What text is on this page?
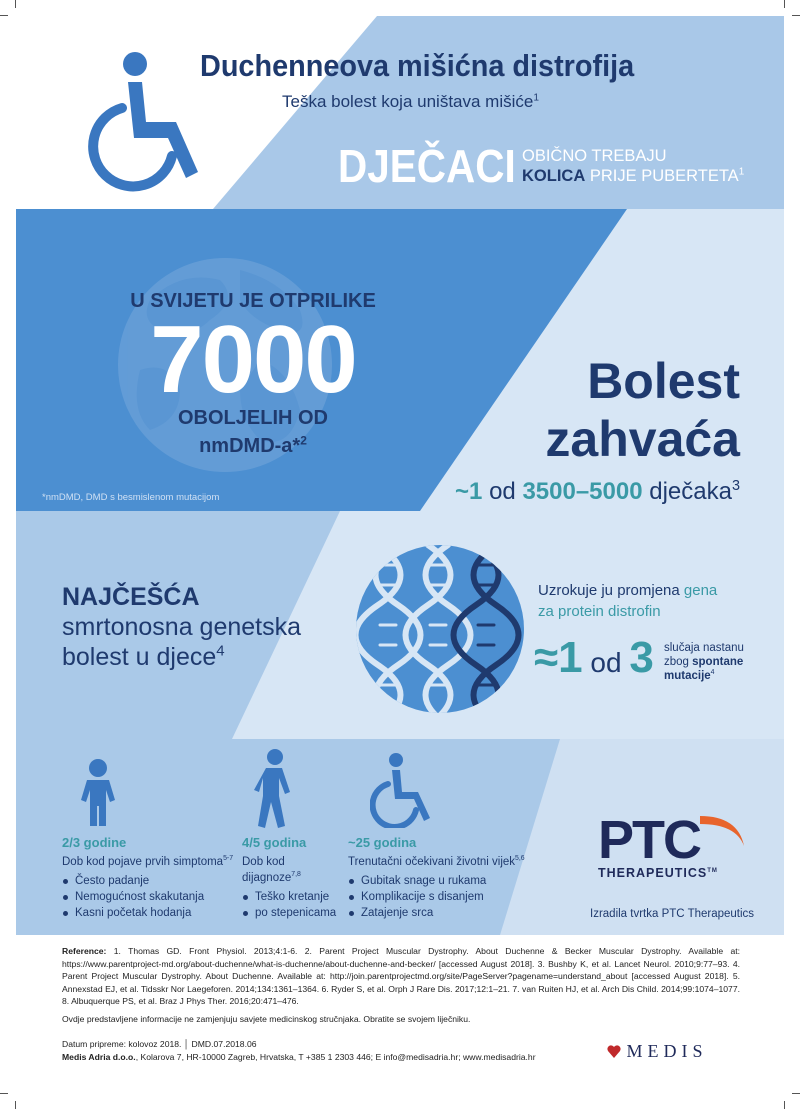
Duchenneova mišićna distrofija
Teška bolest koja uništava mišiće$^1$
DJEČACI OBIČNO TREBAJU
KOLICA PRIJE PUBERTETA$^1$
U SVIJETU JE OTPRILIKE
7000
OBOLJELIH OD
nmDMD-a*$^2$
*nmDMD, DMD s besmislenom mutacijom
Bolest
zahvaća
~1 od 3500–5000 dječaka$^3$
NAJČEŠĆA
smrtonosna genetska
bolest u djece$^4$
Uzrokuje ju promjena gena
za protein distrofin
≈1 od 3 slučaja nastanu
zbog spontane
mutacije$^4$
2/3 godine
Dob kod pojave prvih simptoma$^{5-7}$
Često padanje
Nemogućnost skakutanja
Kasni početak hodanja
4/5 godina
Dob kod
dijagnoze$^{7,8}$
Teško kretanje
po stepenicama
~25 godina
Trenutačni očekivani životni vijek$^{5,6}$
Gubitak snage u rukama
Komplikacije s disanjem
Zatajenje srca
PTC
THERAPEUTICS™
Izradila tvrtka PTC Therapeutics
Reference: 1. Thomas GD. Front Physiol. 2013;4:1-6. 2. Parent Project Muscular Dystrophy. About Duchenne & Becker Muscular Dystrophy. Available at: https://www.parentproject-md.org/about-duchenne/what-is-duchenne/about-duchenne-and-becker/ [accessed August 2018]. 3. Bushby K, et al. Lancet Neurol. 2010;9:77–93. 4. Parent Project Muscular Dystrophy. About Duchenne. Available at: http://join.parentprojectmd.org/site/PageServer?pagename=understand_about [accessed August 2018]. 5. Annexstad EJ, et al. Tidsskr Nor Laegeforen. 2014;134:1361–1364. 6. Ryder S, et al. Orph J Rare Dis. 2017;12:1–21. 7. van Ruiten HJ, et al. Arch Dis Child. 2014;99:1074–1077. 8. Albuquerque PS, et al. Braz J Phys Ther. 2016;20:471–476.
Ovdje predstavljene informacije ne zamjenjuju savjete medicinskog stručnjaka. Obratite se svojem liječniku.
Datum pripreme: kolovoz 2018. │ DMD.07.2018.06
Medis Adria d.o.o., Kolarova 7, HR-10000 Zagreb, Hrvatska, T +385 1 2303 446; E info@medisadria.hr; www.medisadria.hr	MEDIS
